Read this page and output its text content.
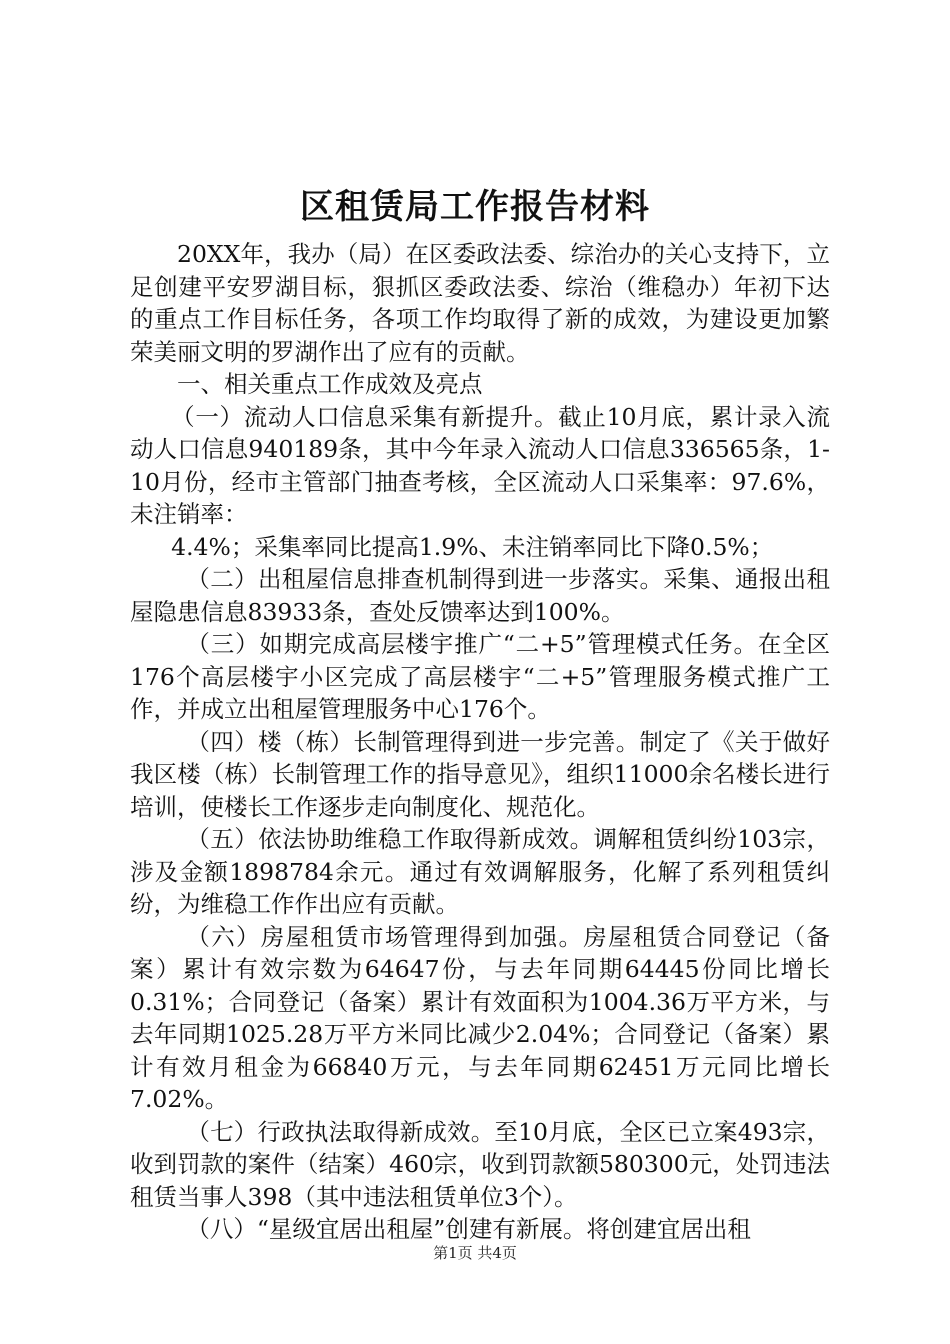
区租赁局工作报告材料

20XX年，我办（局）在区委政法委、综治办的关心支持下，立足创建平安罗湖目标，狠抓区委政法委、综治（维稳办）年初下达的重点工作目标任务，各项工作均取得了新的成效，为建设更加繁荣美丽文明的罗湖作出了应有的贡献。

一、相关重点工作成效及亮点

（一）流动人口信息采集有新提升。截止10月底，累计录入流动人口信息940189条，其中今年录入流动人口信息336565条，1-10月份，经市主管部门抽查考核，全区流动人口采集率：97.6%，未注销率：

4.4%；采集率同比提高1.9%、未注销率同比下降0.5%；

（二）出租屋信息排查机制得到进一步落实。采集、通报出租屋隐患信息83933条，查处反馈率达到100%。

（三）如期完成高层楼宇推广“二+5”管理模式任务。在全区176个高层楼宇小区完成了高层楼宇“二+5”管理服务模式推广工作，并成立出租屋管理服务中心176个。

（四）楼（栋）长制管理得到进一步完善。制定了《关于做好我区楼（栋）长制管理工作的指导意见》，组织11000余名楼长进行培训，使楼长工作逐步走向制度化、规范化。

（五）依法协助维稳工作取得新成效。调解租赁纠纷103宗，涉及金额1898784余元。通过有效调解服务，化解了系列租赁纠纷，为维稳工作作出应有贡献。

（六）房屋租赁市场管理得到加强。房屋租赁合同登记（备案）累计有效宗数为64647份，与去年同期64445份同比增长0.31%；合同登记（备案）累计有效面积为1004.36万平方米，与去年同期1025.28万平方米同比减少2.04%；合同登记（备案）累计有效月租金为66840万元，与去年同期62451万元同比增长7.02%。

（七）行政执法取得新成效。至10月底，全区已立案493宗，收到罚款的案件（结案）460宗，收到罚款额580300元，处罚违法租赁当事人398（其中违法租赁单位3个）。

（八）“星级宜居出租屋”创建有新展。将创建宜居出租

第1页 共4页
